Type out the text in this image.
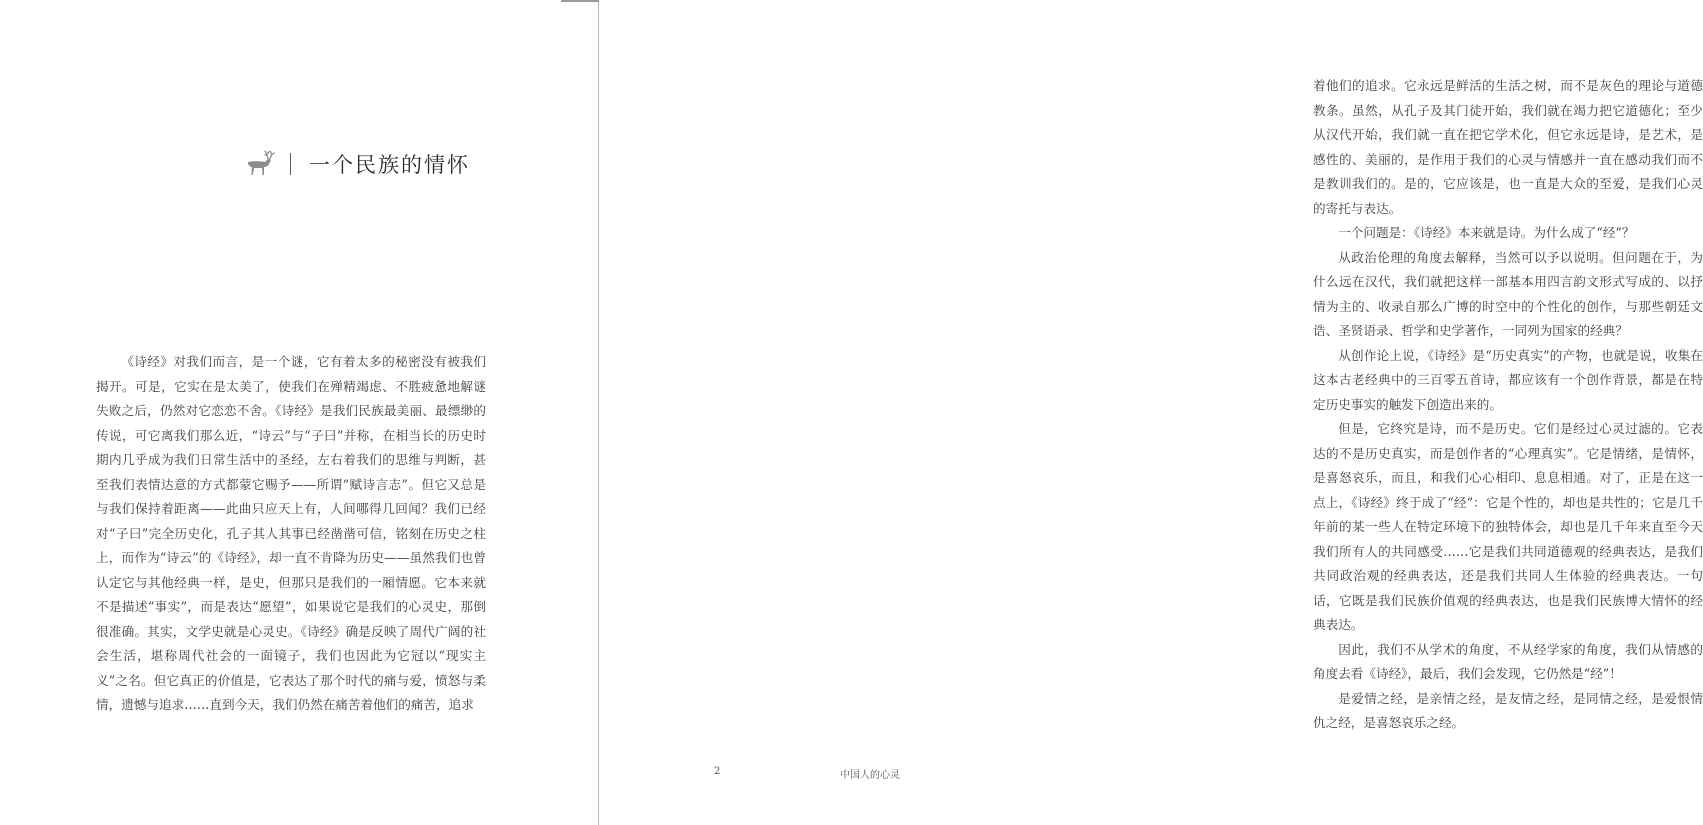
一个民族的情怀

《诗经》对我们而言，是一个谜，它有着太多的秘密没有被我们揭开。可是，它实在是太美了，使我们在殚精竭虑、不胜疲惫地解谜失败之后，仍然对它恋恋不舍。《诗经》是我们民族最美丽、最缥缈的传说，可它离我们那么近，“诗云”与“子曰”并称，在相当长的历史时期内几乎成为我们日常生活中的圣经，左右着我们的思维与判断，甚至我们表情达意的方式都蒙它赐予——所谓“赋诗言志”。但它又总是与我们保持着距离——此曲只应天上有，人间哪得几回闻？我们已经对“子曰”完全历史化，孔子其人其事已经凿凿可信，铭刻在历史之柱上，而作为“诗云”的《诗经》，却一直不肯降为历史——虽然我们也曾认定它与其他经典一样，是史，但那只是我们的一厢情愿。它本来就不是描述“事实”，而是表达“愿望”，如果说它是我们的心灵史，那倒很准确。其实，文学史就是心灵史。《诗经》确是反映了周代广阔的社会生活，堪称周代社会的一面镜子，我们也因此为它冠以“现实主义”之名。但它真正的价值是，它表达了那个时代的痛与爱，愤怒与柔情，遗憾与追求……直到今天，我们仍然在痛苦着他们的痛苦，追求

着他们的追求。它永远是鲜活的生活之树，而不是灰色的理论与道德教条。虽然，从孔子及其门徒开始，我们就在竭力把它道德化；至少从汉代开始，我们就一直在把它学术化，但它永远是诗，是艺术，是感性的、美丽的，是作用于我们的心灵与情感并一直在感动我们而不是教训我们的。是的，它应该是，也一直是大众的至爱，是我们心灵的寄托与表达。

一个问题是：《诗经》本来就是诗。为什么成了“经”？

从政治伦理的角度去解释，当然可以予以说明。但问题在于，为什么远在汉代，我们就把这样一部基本用四言韵文形式写成的、以抒情为主的、收录自那么广博的时空中的个性化的创作，与那些朝廷文诰、圣贤语录、哲学和史学著作，一同列为国家的经典？

从创作论上说，《诗经》是“历史真实”的产物，也就是说，收集在这本古老经典中的三百零五首诗，都应该有一个创作背景，都是在特定历史事实的触发下创造出来的。

但是，它终究是诗，而不是历史。它们是经过心灵过滤的。它表达的不是历史真实，而是创作者的“心理真实”。它是情绪，是情怀，是喜怒哀乐，而且，和我们心心相印、息息相通。对了，正是在这一点上，《诗经》终于成了“经”：它是个性的，却也是共性的；它是几千年前的某一些人在特定环境下的独特体会，却也是几千年来直至今天我们所有人的共同感受……它是我们共同道德观的经典表达，是我们共同政治观的经典表达，还是我们共同人生体验的经典表达。一句话，它既是我们民族价值观的经典表达，也是我们民族博大情怀的经典表达。

因此，我们不从学术的角度，不从经学家的角度，我们从情感的角度去看《诗经》，最后，我们会发现，它仍然是“经”！

是爱情之经，是亲情之经，是友情之经，是同情之经，是爱恨情仇之经，是喜怒哀乐之经。

2	中国人的心灵
